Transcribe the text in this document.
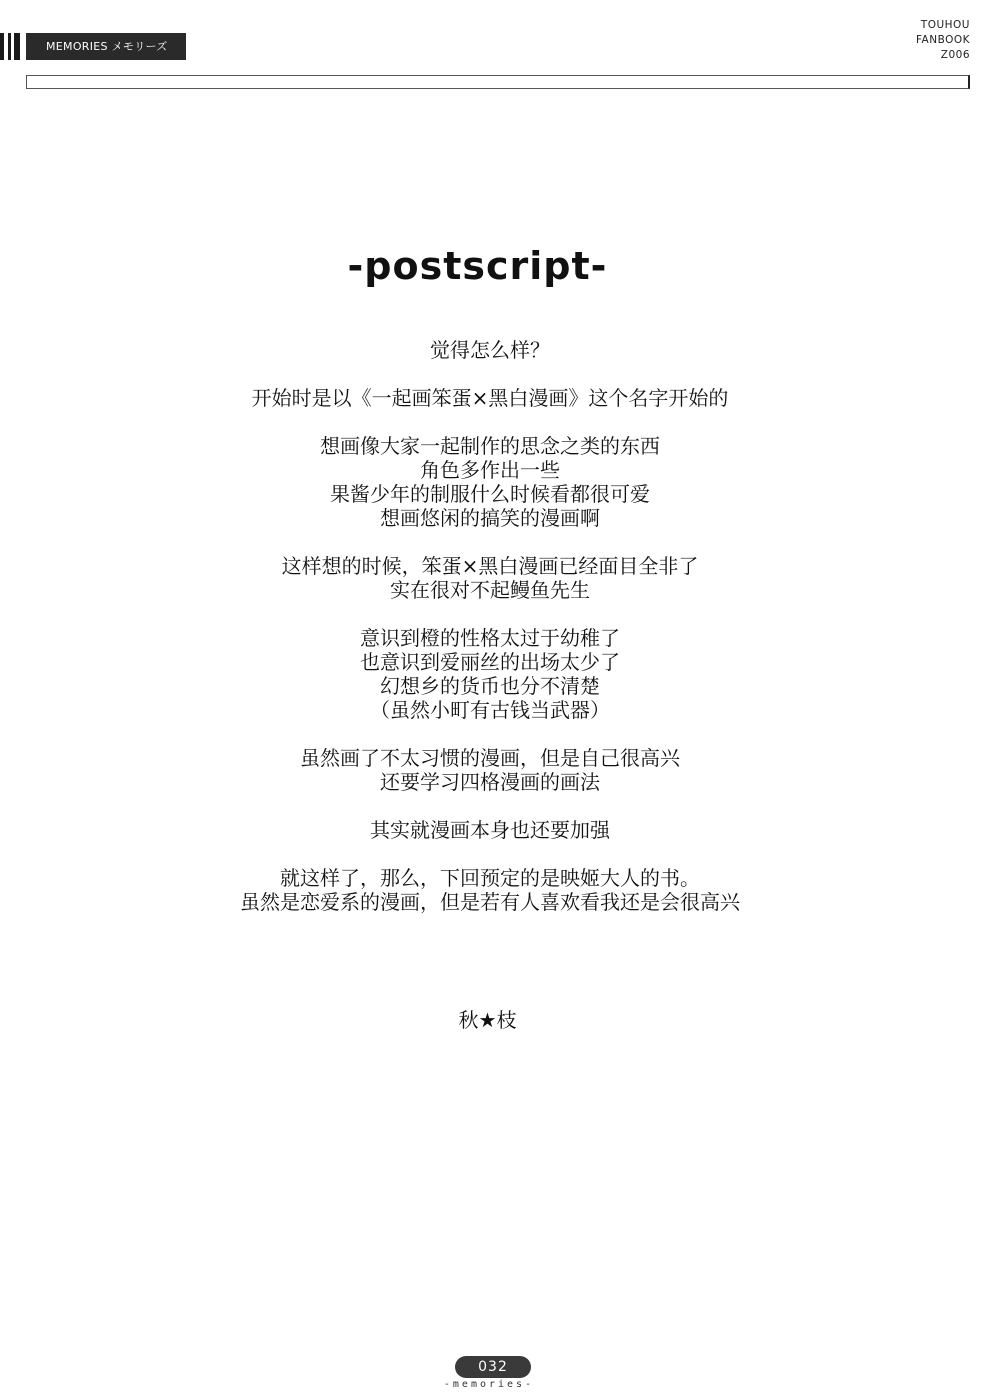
MEMORIES メモリーズ
TOUHOU
FANBOOK
Z006
-postscript-
觉得怎么样？
开始时是以《一起画笨蛋×黑白漫画》这个名字开始的
想画像大家一起制作的思念之类的东西
角色多作出一些
果酱少年的制服什么时候看都很可爱
想画悠闲的搞笑的漫画啊
这样想的时候，笨蛋×黑白漫画已经面目全非了
实在很对不起鳗鱼先生
意识到橙的性格太过于幼稚了
也意识到爱丽丝的出场太少了
幻想乡的货币也分不清楚
（虽然小町有古钱当武器）
虽然画了不太习惯的漫画，但是自己很高兴
还要学习四格漫画的画法
其实就漫画本身也还要加强
就这样了，那么，下回预定的是映姬大人的书。
虽然是恋爱系的漫画，但是若有人喜欢看我还是会很高兴
秋★枝
032
-memories-
